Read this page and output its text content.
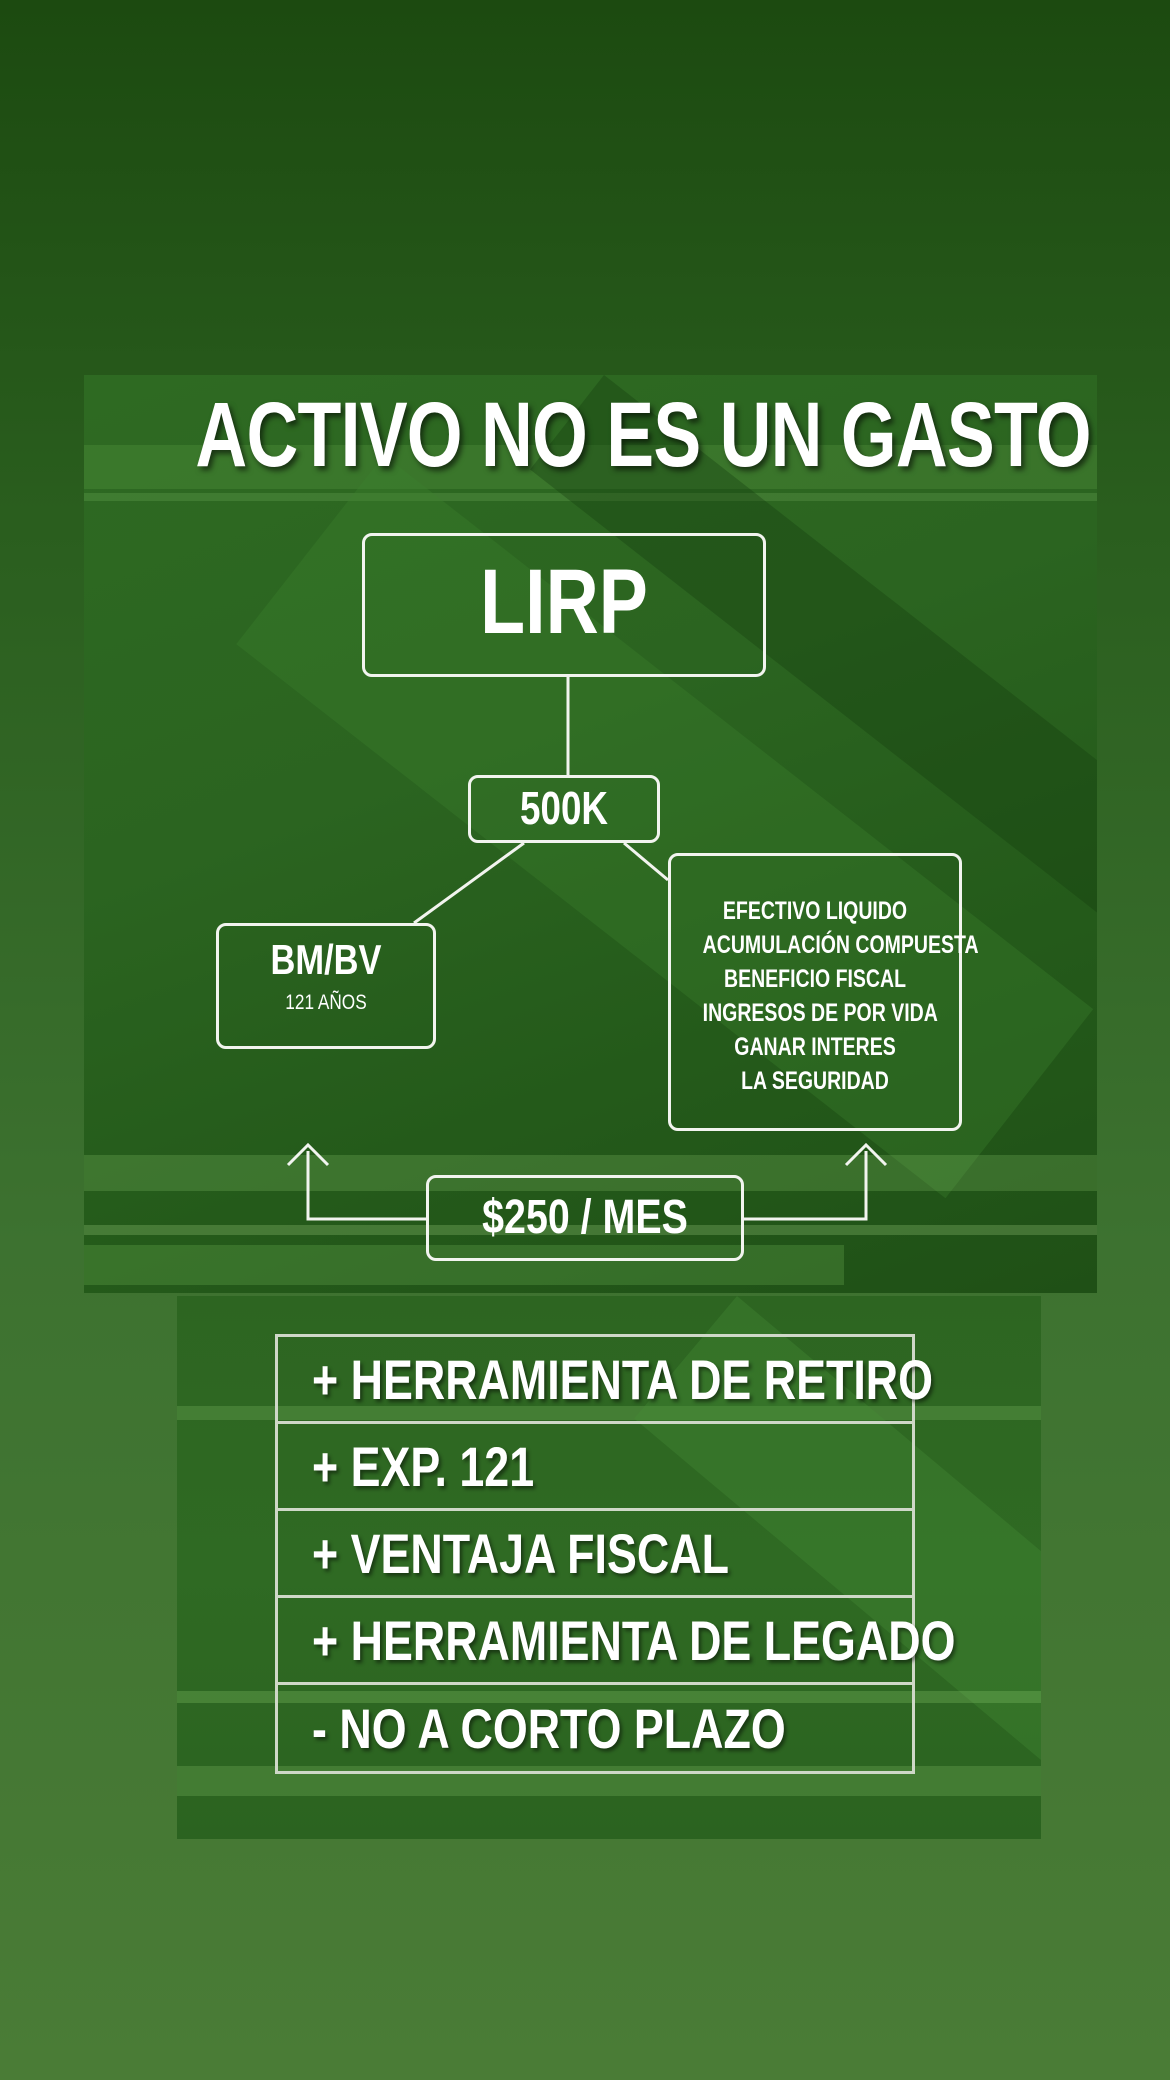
ACTIVO NO ES UN GASTO
LIRP
500K
BM/BV
121 AÑOS
EFECTIVO LIQUIDO
ACUMULACIÓN COMPUESTA
BENEFICIO FISCAL
INGRESOS DE POR VIDA
GANAR INTERES
LA SEGURIDAD
$250 / MES
+ HERRAMIENTA DE RETIRO
+ EXP. 121
+ VENTAJA FISCAL
+ HERRAMIENTA DE LEGADO
- NO A CORTO PLAZO
